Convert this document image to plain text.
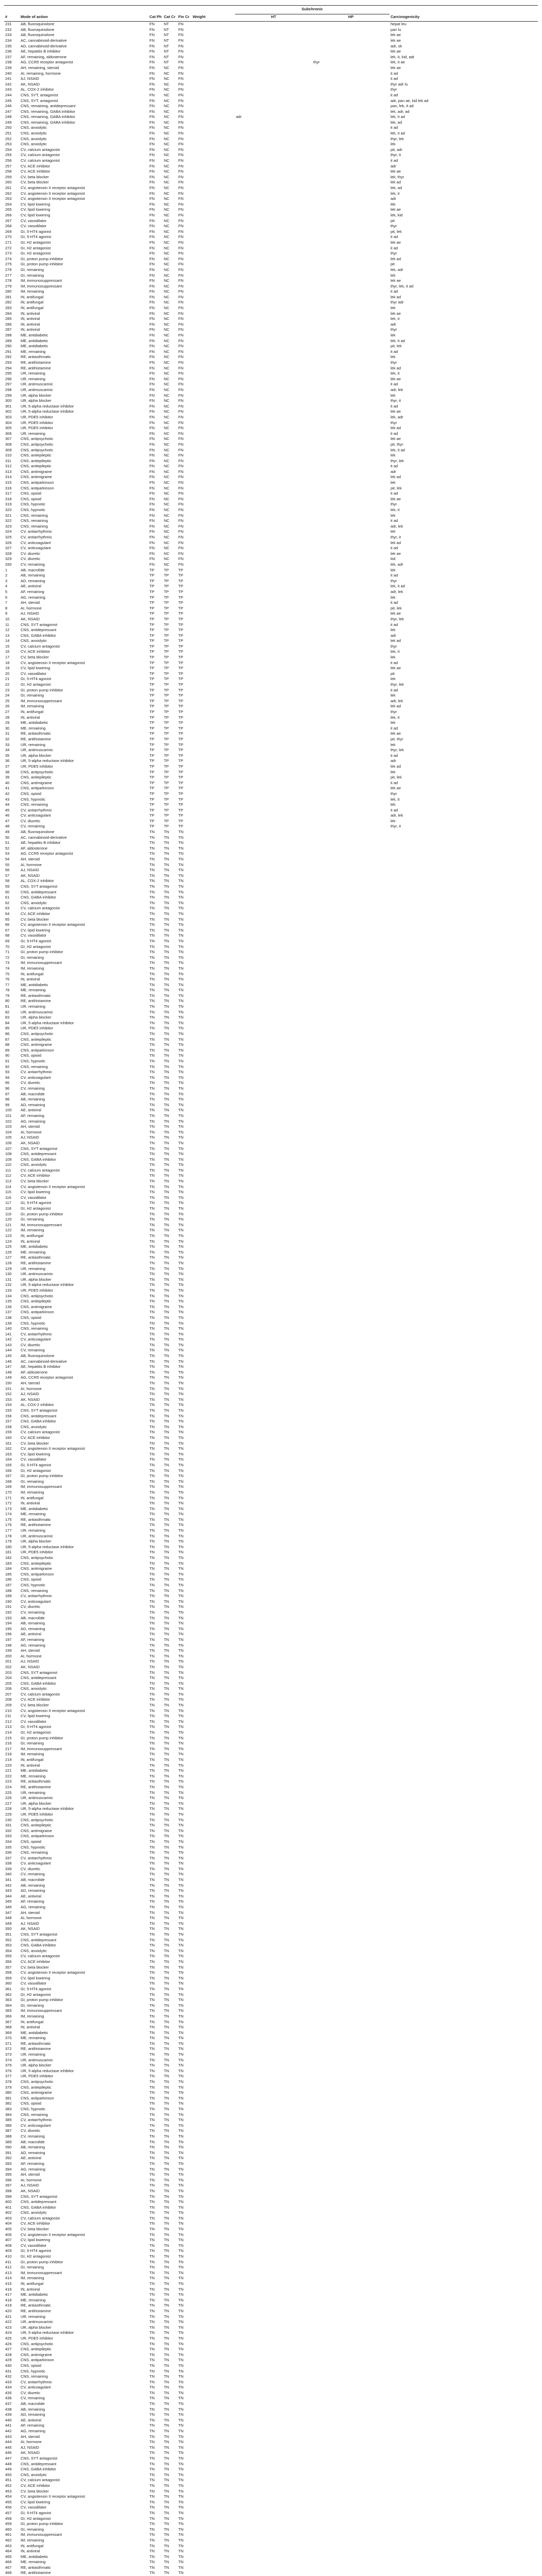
#	Mode of action	Cat Ph	Cat Cr	Fin Cr	Weight	Subchronic		Carcinogenicity
						HT	HP	
231	AB, fluoroquinolone	FN	NT	FN				hepat leu
232	AB, fluoroquinolone	FN	NT	FN				pan lu
233	AB, fluoroquinolone	FN	NT	FN				lek ae
234	AC, cannabinoid-derivative	FN	NT	FN				lek ae
235	AD, cannabinoid-derivative	FN	NT	FN				adr, sk
236	AE, hepatitis B inhibitor	FN	NT	FN				lek ae
237	AF, remaining, aldosterone	FN	NT	FN				lek, it, kid, adr
238	AG, CCR5 receptor antagonist	FN	NT	FN			thyr	lek, it ae
239	AH, remaining, steroid	FN	NC	FN				lek ae
240	AI, remaining, hormone	FN	NC	FN				it ad
241	AJ, NSAID	FN	NC	FN				it ad
242	AK, NSAID	FN	NC	FN				thyr adr lu
243	AL, COX-2 inhibitor	FN	NC	FN				thyr
244	CNS, SYT, antagonist	FN	NC	FN				it ad
245	CNS, SYT, antagonist	FN	NC	FN				adr, pan ae, kid lek ad
246	CNS, remaining, antidepressant	FN	NC	FN				pan, lek, it ad
247	CNS, remaining, GABA inhibitor	FN	NC	FN				lek, adr, ad
248	CNS, remaining, GABA inhibitor	FN	NC	FN		adr		lek, it ad
249	CNS, remaining, GABA inhibitor	FN	NC	FN				lek, ad
250	CNS, anxiolytic	FN	NC	FN				it ad
251	CNS, anxiolytic	FN	NC	FN				lek, it ad
252	CNS, anxiolytic	FN	NC	FN				thyr, lek
253	CNS, anxiolytic	FN	NC	FN				lek
254	CV, calcium antagonist	FN	NC	FN				pit, adr
255	CV, calcium antagonist	FN	NC	FN				thyr, it
256	CV, calcium antagonist	FN	NC	FN				it ad
257	CV, ACE inhibitor	FN	NC	FN				adr
258	CV, ACE inhibitor	FN	NC	FN				lek ae
259	CV, beta blocker	FN	NC	FN				lek, thyr
260	CV, beta blocker	FN	NC	FN				lek ad
261	CV, angiotensin II receptor antagonist	FN	NC	FN				lek, ad
262	CV, angiotensin II receptor antagonist	FN	NC	FN				lek, it
263	CV, angiotensin II receptor antagonist	FN	NC	FN				adr
264	CV, lipid lowering	FN	NC	FN				lek
265	CV, lipid lowering	FN	NC	FN				lek ae
266	CV, lipid lowering	FN	NC	FN				lek, kid
267	CV, vasodilator	FN	NC	FN				pit
268	CV, vasodilator	FN	NC	FN				thyr
269	GI, 5-HT4 agonist	FN	NC	FN				pit, lek
270	GI, 5-HT4 agonist	FN	NC	FN				it ad
271	GI, H2 antagonist	FN	NC	FN				lek ae
272	GI, H2 antagonist	FN	NC	FN				it ad
273	GI, H2 antagonist	FN	NC	FN				thyr
274	GI, proton pump inhibitor	FN	NC	FN				lek ad
275	GI, proton pump inhibitor	FN	NC	FN				pit
276	GI, remaining	FN	NC	FN				lek, adr
277	GI, remaining	FN	NC	FN				lek
278	IM, immunosuppressant	FN	NC	FN				lek ae
279	IM, immunosuppressant	FN	NC	FN				thyr, lek, it ad
280	IM, remaining	FN	NC	FN				it ad
281	IN, antifungal	FN	NC	FN				lek ad
282	IN, antifungal	FN	NC	FN				thyr adr
283	IN, antifungal	FN	NC	FN				lek
284	IN, antiviral	FN	NC	FN				lek ae
285	IN, antiviral	FN	NC	FN				lek, it
286	IN, antiviral	FN	NC	FN				adr
287	IN, antiviral	FN	NC	FN				thyr
288	ME, antidiabetic	FN	NC	FN				lek
289	ME, antidiabetic	FN	NC	FN				lek, it ad
290	ME, antidiabetic	FN	NC	FN				pit, lek
291	ME, remaining	FN	NC	FN				it ad
292	RE, antiasthmatic	FN	NC	FN				lek
293	RE, antihistamine	FN	NC	FN				thyr
294	RE, antihistamine	FN	NC	FN				lek ad
295	UR, remaining	FN	NC	FN				lek, it
296	UR, remaining	FN	NC	FN				lek ae
297	UR, antimuscarinic	FN	NC	FN				it ad
298	UR, antimuscarinic	FN	NC	FN				adr, lek
299	UR, alpha blocker	FN	NC	FN				lek
300	UR, alpha blocker	FN	NC	FN				thyr, it
301	UR, 5-alpha reductase inhibitor	FN	NC	FN				it ad
302	UR, 5-alpha reductase inhibitor	FN	NC	FN				lek ae
303	UR, PDE5 inhibitor	FN	NC	FN				lek, adr
304	UR, PDE5 inhibitor	FN	NC	FN				thyr
305	UR, PDE5 inhibitor	FN	NC	FN				lek ad
306	UR, remaining	FN	NC	FN				it ad
307	CNS, antipsychotic	FN	NC	FN				lek ae
308	CNS, antipsychotic	FN	NC	FN				pit, thyr
309	CNS, antipsychotic	FN	NC	FN				lek, it ad
310	CNS, antiepileptic	FN	NC	FN				lek
311	CNS, antiepileptic	FN	NC	FN				thyr, lek
312	CNS, antiepileptic	FN	NC	FN				it ad
313	CNS, antimigraine	FN	NC	FN				adr
314	CNS, antimigraine	FN	NC	FN				lek ad
315	CNS, antiparkinson	FN	NC	FN				lek
316	CNS, antiparkinson	FN	NC	FN				pit, lek
317	CNS, opioid	FN	NC	FN				it ad
318	CNS, opioid	FN	NC	FN				lek ae
319	CNS, hypnotic	FN	NC	FN				thyr
320	CNS, hypnotic	FN	NC	FN				lek, it
321	CNS, remaining	FN	NC	FN				lek
322	CNS, remaining	FN	NC	FN				it ad
323	CNS, remaining	FN	NC	FN				adr, lek
324	CV, antiarrhythmic	FN	NC	FN				lek
325	CV, antiarrhythmic	FN	NC	FN				thyr, it
326	CV, anticoagulant	FN	NC	FN				lek ad
327	CV, anticoagulant	FN	NC	FN				it ad
328	CV, diuretic	FN	NC	FN				lek ae
329	CV, diuretic	FN	NC	FN				kid
330	CV, remaining	FN	NC	FN				lek, adr
1	AB, macrolide	TP	TP	TP				lek
2	AB, remaining	TP	TP	TP				it ad
3	AD, remaining	TP	TP	TP				thyr
4	AE, antiviral	TP	TP	TP				lek, it ad
5	AF, remaining	TP	TP	TP				adr, lek
6	AG, remaining	TP	TP	TP				lek
7	AH, steroid	TP	TP	TP				it ad
8	AI, hormone	TP	TP	TP				pit, lek
9	AJ, NSAID	TP	TP	TP				lek ae
10	AK, NSAID	TP	TP	TP				thyr, lek
11	CNS, SYT antagonist	TP	TP	TP				it ad
12	CNS, antidepressant	TP	TP	TP				lek
13	CNS, GABA inhibitor	TP	TP	TP				adr
14	CNS, anxiolytic	TP	TP	TP				lek ad
15	CV, calcium antagonist	TP	TP	TP				thyr
16	CV, ACE inhibitor	TP	TP	TP				lek, it
17	CV, beta blocker	TP	TP	TP				lek
18	CV, angiotensin II receptor antagonist	TP	TP	TP				it ad
19	CV, lipid lowering	TP	TP	TP				lek ae
20	CV, vasodilator	TP	TP	TP				pit
21	GI, 5-HT4 agonist	TP	TP	TP				lek
22	GI, H2 antagonist	TP	TP	TP				thyr, lek
23	GI, proton pump inhibitor	TP	TP	TP				it ad
24	GI, remaining	TP	TP	TP				lek
25	IM, immunosuppressant	TP	TP	TP				adr, lek
26	IM, remaining	TP	TP	TP				lek ad
27	IN, antifungal	TP	TP	TP				thyr
28	IN, antiviral	TP	TP	TP				lek, it
29	ME, antidiabetic	TP	TP	TP				lek
30	ME, remaining	TP	TP	TP				it ad
31	RE, antiasthmatic	TP	TP	TP				lek ae
32	RE, antihistamine	TP	TP	TP				pit, thyr
33	UR, remaining	TP	TP	TP				lek
34	UR, antimuscarinic	TP	TP	TP				thyr, lek
35	UR, alpha blocker	TP	TP	TP				it ad
36	UR, 5-alpha reductase inhibitor	TP	TP	TP				adr
37	UR, PDE5 inhibitor	TP	TP	TP				lek ad
38	CNS, antipsychotic	TP	TP	TP				lek
39	CNS, antiepileptic	TP	TP	TP				pit, lek
40	CNS, antimigraine	TP	TP	TP				it ad
41	CNS, antiparkinson	TP	TP	TP				lek ae
42	CNS, opioid	TP	TP	TP				thyr
43	CNS, hypnotic	TP	TP	TP				lek, it
44	CNS, remaining	TP	TP	TP				lek
45	CV, antiarrhythmic	TP	TP	TP				it ad
46	CV, anticoagulant	TP	TP	TP				adr, lek
47	CV, diuretic	TP	TP	TP				lek
48	CV, remaining	TP	TP	TP				thyr, it
49	AB, fluoroquinolone	TN	TN	TN				
50	AC, cannabinoid-derivative	TN	TN	TN				
51	AE, hepatitis B inhibitor	TN	TN	TN				
52	AF, aldosterone	TN	TN	TN				
53	AG, CCR5 receptor antagonist	TN	TN	TN				
54	AH, steroid	TN	TN	TN				
55	AI, hormone	TN	TN	TN				
56	AJ, NSAID	TN	TN	TN				
57	AK, NSAID	TN	TN	TN				
58	AL, COX-2 inhibitor	TN	TN	TN				
59	CNS, SYT antagonist	TN	TN	TN				
60	CNS, antidepressant	TN	TN	TN				
61	CNS, GABA inhibitor	TN	TN	TN				
62	CNS, anxiolytic	TN	TN	TN				
63	CV, calcium antagonist	TN	TN	TN				
64	CV, ACE inhibitor	TN	TN	TN				
65	CV, beta blocker	TN	TN	TN				
66	CV, angiotensin II receptor antagonist	TN	TN	TN				
67	CV, lipid lowering	TN	TN	TN				
68	CV, vasodilator	TN	TN	TN				
69	GI, 5-HT4 agonist	TN	TN	TN				
70	GI, H2 antagonist	TN	TN	TN				
71	GI, proton pump inhibitor	TN	TN	TN				
72	GI, remaining	TN	TN	TN				
73	IM, immunosuppressant	TN	TN	TN				
74	IM, remaining	TN	TN	TN				
75	IN, antifungal	TN	TN	TN				
76	IN, antiviral	TN	TN	TN				
77	ME, antidiabetic	TN	TN	TN				
78	ME, remaining	TN	TN	TN				
79	RE, antiasthmatic	TN	TN	TN				
80	RE, antihistamine	TN	TN	TN				
81	UR, remaining	TN	TN	TN				
82	UR, antimuscarinic	TN	TN	TN				
83	UR, alpha blocker	TN	TN	TN				
84	UR, 5-alpha reductase inhibitor	TN	TN	TN				
85	UR, PDE5 inhibitor	TN	TN	TN				
86	CNS, antipsychotic	TN	TN	TN				
87	CNS, antiepileptic	TN	TN	TN				
88	CNS, antimigraine	TN	TN	TN				
89	CNS, antiparkinson	TN	TN	TN				
90	CNS, opioid	TN	TN	TN				
91	CNS, hypnotic	TN	TN	TN				
92	CNS, remaining	TN	TN	TN				
93	CV, antiarrhythmic	TN	TN	TN				
94	CV, anticoagulant	TN	TN	TN				
95	CV, diuretic	TN	TN	TN				
96	CV, remaining	TN	TN	TN				
97	AB, macrolide	TN	TN	TN				
98	AB, remaining	TN	TN	TN				
99	AD, remaining	TN	TN	TN				
100	AE, antiviral	TN	TN	TN				
101	AF, remaining	TN	TN	TN				
102	AG, remaining	TN	TN	TN				
103	AH, steroid	TN	TN	TN				
104	AI, hormone	TN	TN	TN				
105	AJ, NSAID	TN	TN	TN				
106	AK, NSAID	TN	TN	TN				
107	CNS, SYT antagonist	TN	TN	TN				
108	CNS, antidepressant	TN	TN	TN				
109	CNS, GABA inhibitor	TN	TN	TN				
110	CNS, anxiolytic	TN	TN	TN				
111	CV, calcium antagonist	TN	TN	TN				
112	CV, ACE inhibitor	TN	TN	TN				
113	CV, beta blocker	TN	TN	TN				
114	CV, angiotensin II receptor antagonist	TN	TN	TN				
115	CV, lipid lowering	TN	TN	TN				
116	CV, vasodilator	TN	TN	TN				
117	GI, 5-HT4 agonist	TN	TN	TN				
118	GI, H2 antagonist	TN	TN	TN				
119	GI, proton pump inhibitor	TN	TN	TN				
120	GI, remaining	TN	TN	TN				
121	IM, immunosuppressant	TN	TN	TN				
122	IM, remaining	TN	TN	TN				
123	IN, antifungal	TN	TN	TN				
124	IN, antiviral	TN	TN	TN				
125	ME, antidiabetic	TN	TN	TN				
126	ME, remaining	TN	TN	TN				
127	RE, antiasthmatic	TN	TN	TN				
128	RE, antihistamine	TN	TN	TN				
129	UR, remaining	TN	TN	TN				
130	UR, antimuscarinic	TN	TN	TN				
131	UR, alpha blocker	TN	TN	TN				
132	UR, 5-alpha reductase inhibitor	TN	TN	TN				
133	UR, PDE5 inhibitor	TN	TN	TN				
134	CNS, antipsychotic	TN	TN	TN				
135	CNS, antiepileptic	TN	TN	TN				
136	CNS, antimigraine	TN	TN	TN				
137	CNS, antiparkinson	TN	TN	TN				
138	CNS, opioid	TN	TN	TN				
139	CNS, hypnotic	TN	TN	TN				
140	CNS, remaining	TN	TN	TN				
141	CV, antiarrhythmic	TN	TN	TN				
142	CV, anticoagulant	TN	TN	TN				
143	CV, diuretic	TN	TN	TN				
144	CV, remaining	TN	TN	TN				
145	AB, fluoroquinolone	TN	TN	TN				
146	AC, cannabinoid-derivative	TN	TN	TN				
147	AE, hepatitis B inhibitor	TN	TN	TN				
148	AF, aldosterone	TN	TN	TN				
149	AG, CCR5 receptor antagonist	TN	TN	TN				
150	AH, steroid	TN	TN	TN				
151	AI, hormone	TN	TN	TN				
152	AJ, NSAID	TN	TN	TN				
153	AK, NSAID	TN	TN	TN				
154	AL, COX-2 inhibitor	TN	TN	TN				
155	CNS, SYT antagonist	TN	TN	TN				
156	CNS, antidepressant	TN	TN	TN				
157	CNS, GABA inhibitor	TN	TN	TN				
158	CNS, anxiolytic	TN	TN	TN				
159	CV, calcium antagonist	TN	TN	TN				
160	CV, ACE inhibitor	TN	TN	TN				
161	CV, beta blocker	TN	TN	TN				
162	CV, angiotensin II receptor antagonist	TN	TN	TN				
163	CV, lipid lowering	TN	TN	TN				
164	CV, vasodilator	TN	TN	TN				
165	GI, 5-HT4 agonist	TN	TN	TN				
166	GI, H2 antagonist	TN	TN	TN				
167	GI, proton pump inhibitor	TN	TN	TN				
168	GI, remaining	TN	TN	TN				
169	IM, immunosuppressant	TN	TN	TN				
170	IM, remaining	TN	TN	TN				
171	IN, antifungal	TN	TN	TN				
172	IN, antiviral	TN	TN	TN				
173	ME, antidiabetic	TN	TN	TN				
174	ME, remaining	TN	TN	TN				
175	RE, antiasthmatic	TN	TN	TN				
176	RE, antihistamine	TN	TN	TN				
177	UR, remaining	TN	TN	TN				
178	UR, antimuscarinic	TN	TN	TN				
179	UR, alpha blocker	TN	TN	TN				
180	UR, 5-alpha reductase inhibitor	TN	TN	TN				
181	UR, PDE5 inhibitor	TN	TN	TN				
182	CNS, antipsychotic	TN	TN	TN				
183	CNS, antiepileptic	TN	TN	TN				
184	CNS, antimigraine	TN	TN	TN				
185	CNS, antiparkinson	TN	TN	TN				
186	CNS, opioid	TN	TN	TN				
187	CNS, hypnotic	TN	TN	TN				
188	CNS, remaining	TN	TN	TN				
189	CV, antiarrhythmic	TN	TN	TN				
190	CV, anticoagulant	TN	TN	TN				
191	CV, diuretic	TN	TN	TN				
192	CV, remaining	TN	TN	TN				
193	AB, macrolide	TN	TN	TN				
194	AB, remaining	TN	TN	TN				
195	AD, remaining	TN	TN	TN				
196	AE, antiviral	TN	TN	TN				
197	AF, remaining	TN	TN	TN				
198	AG, remaining	TN	TN	TN				
199	AH, steroid	TN	TN	TN				
200	AI, hormone	TN	TN	TN				
201	AJ, NSAID	TN	TN	TN				
202	AK, NSAID	TN	TN	TN				
203	CNS, SYT antagonist	TN	TN	TN				
204	CNS, antidepressant	TN	TN	TN				
205	CNS, GABA inhibitor	TN	TN	TN				
206	CNS, anxiolytic	TN	TN	TN				
207	CV, calcium antagonist	TN	TN	TN				
208	CV, ACE inhibitor	TN	TN	TN				
209	CV, beta blocker	TN	TN	TN				
210	CV, angiotensin II receptor antagonist	TN	TN	TN				
211	CV, lipid lowering	TN	TN	TN				
212	CV, vasodilator	TN	TN	TN				
213	GI, 5-HT4 agonist	TN	TN	TN				
214	GI, H2 antagonist	TN	TN	TN				
215	GI, proton pump inhibitor	TN	TN	TN				
216	GI, remaining	TN	TN	TN				
217	IM, immunosuppressant	TN	TN	TN				
218	IM, remaining	TN	TN	TN				
219	IN, antifungal	TN	TN	TN				
220	IN, antiviral	TN	TN	TN				
221	ME, antidiabetic	TN	TN	TN				
222	ME, remaining	TN	TN	TN				
223	RE, antiasthmatic	TN	TN	TN				
224	RE, antihistamine	TN	TN	TN				
225	UR, remaining	TN	TN	TN				
226	UR, antimuscarinic	TN	TN	TN				
227	UR, alpha blocker	TN	TN	TN				
228	UR, 5-alpha reductase inhibitor	TN	TN	TN				
229	UR, PDE5 inhibitor	TN	TN	TN				
230	CNS, antipsychotic	TN	TN	TN				
331	CNS, antiepileptic	TN	TN	TN				
332	CNS, antimigraine	TN	TN	TN				
333	CNS, antiparkinson	TN	TN	TN				
334	CNS, opioid	TN	TN	TN				
335	CNS, hypnotic	TN	TN	TN				
336	CNS, remaining	TN	TN	TN				
337	CV, antiarrhythmic	TN	TN	TN				
338	CV, anticoagulant	TN	TN	TN				
339	CV, diuretic	TN	TN	TN				
340	CV, remaining	TN	TN	TN				
341	AB, macrolide	TN	TN	TN				
342	AB, remaining	TN	TN	TN				
343	AD, remaining	TN	TN	TN				
344	AE, antiviral	TN	TN	TN				
345	AF, remaining	TN	TN	TN				
346	AG, remaining	TN	TN	TN				
347	AH, steroid	TN	TN	TN				
348	AI, hormone	TN	TN	TN				
349	AJ, NSAID	TN	TN	TN				
350	AK, NSAID	TN	TN	TN				
351	CNS, SYT antagonist	TN	TN	TN				
352	CNS, antidepressant	TN	TN	TN				
353	CNS, GABA inhibitor	TN	TN	TN				
354	CNS, anxiolytic	TN	TN	TN				
355	CV, calcium antagonist	TN	TN	TN				
356	CV, ACE inhibitor	TN	TN	TN				
357	CV, beta blocker	TN	TN	TN				
358	CV, angiotensin II receptor antagonist	TN	TN	TN				
359	CV, lipid lowering	TN	TN	TN				
360	CV, vasodilator	TN	TN	TN				
361	GI, 5-HT4 agonist	TN	TN	TN				
362	GI, H2 antagonist	TN	TN	TN				
363	GI, proton pump inhibitor	TN	TN	TN				
364	GI, remaining	TN	TN	TN				
365	IM, immunosuppressant	TN	TN	TN				
366	IM, remaining	TN	TN	TN				
367	IN, antifungal	TN	TN	TN				
368	IN, antiviral	TN	TN	TN				
369	ME, antidiabetic	TN	TN	TN				
370	ME, remaining	TN	TN	TN				
371	RE, antiasthmatic	TN	TN	TN				
372	RE, antihistamine	TN	TN	TN				
373	UR, remaining	TN	TN	TN				
374	UR, antimuscarinic	TN	TN	TN				
375	UR, alpha blocker	TN	TN	TN				
376	UR, 5-alpha reductase inhibitor	TN	TN	TN				
377	UR, PDE5 inhibitor	TN	TN	TN				
378	CNS, antipsychotic	TN	TN	TN				
379	CNS, antiepileptic	TN	TN	TN				
380	CNS, antimigraine	TN	TN	TN				
381	CNS, antiparkinson	TN	TN	TN				
382	CNS, opioid	TN	TN	TN				
383	CNS, hypnotic	TN	TN	TN				
384	CNS, remaining	TN	TN	TN				
385	CV, antiarrhythmic	TN	TN	TN				
386	CV, anticoagulant	TN	TN	TN				
387	CV, diuretic	TN	TN	TN				
388	CV, remaining	TN	TN	TN				
389	AB, macrolide	TN	TN	TN				
390	AB, remaining	TN	TN	TN				
391	AD, remaining	TN	TN	TN				
392	AE, antiviral	TN	TN	TN				
393	AF, remaining	TN	TN	TN				
394	AG, remaining	TN	TN	TN				
395	AH, steroid	TN	TN	TN				
396	AI, hormone	TN	TN	TN				
397	AJ, NSAID	TN	TN	TN				
398	AK, NSAID	TN	TN	TN				
399	CNS, SYT antagonist	TN	TN	TN				
400	CNS, antidepressant	TN	TN	TN				
401	CNS, GABA inhibitor	TN	TN	TN				
402	CNS, anxiolytic	TN	TN	TN				
403	CV, calcium antagonist	TN	TN	TN				
404	CV, ACE inhibitor	TN	TN	TN				
405	CV, beta blocker	TN	TN	TN				
406	CV, angiotensin II receptor antagonist	TN	TN	TN				
407	CV, lipid lowering	TN	TN	TN				
408	CV, vasodilator	TN	TN	TN				
409	GI, 5-HT4 agonist	TN	TN	TN				
410	GI, H2 antagonist	TN	TN	TN				
411	GI, proton pump inhibitor	TN	TN	TN				
412	GI, remaining	TN	TN	TN				
413	IM, immunosuppressant	TN	TN	TN				
414	IM, remaining	TN	TN	TN				
415	IN, antifungal	TN	TN	TN				
416	IN, antiviral	TN	TN	TN				
417	ME, antidiabetic	TN	TN	TN				
418	ME, remaining	TN	TN	TN				
419	RE, antiasthmatic	TN	TN	TN				
420	RE, antihistamine	TN	TN	TN				
421	UR, remaining	TN	TN	TN				
422	UR, antimuscarinic	TN	TN	TN				
423	UR, alpha blocker	TN	TN	TN				
424	UR, 5-alpha reductase inhibitor	TN	TN	TN				
425	UR, PDE5 inhibitor	TN	TN	TN				
426	CNS, antipsychotic	TN	TN	TN				
427	CNS, antiepileptic	TN	TN	TN				
428	CNS, antimigraine	TN	TN	TN				
429	CNS, antiparkinson	TN	TN	TN				
430	CNS, opioid	TN	TN	TN				
431	CNS, hypnotic	TN	TN	TN				
432	CNS, remaining	TN	TN	TN				
433	CV, antiarrhythmic	TN	TN	TN				
434	CV, anticoagulant	TN	TN	TN				
435	CV, diuretic	TN	TN	TN				
436	CV, remaining	TN	TN	TN				
437	AB, macrolide	TN	TN	TN				
438	AB, remaining	TN	TN	TN				
439	AD, remaining	TN	TN	TN				
440	AE, antiviral	TN	TN	TN				
441	AF, remaining	TN	TN	TN				
442	AG, remaining	TN	TN	TN				
443	AH, steroid	TN	TN	TN				
444	AI, hormone	TN	TN	TN				
445	AJ, NSAID	TN	TN	TN				
446	AK, NSAID	TN	TN	TN				
447	CNS, SYT antagonist	TN	TN	TN				
448	CNS, antidepressant	TN	TN	TN				
449	CNS, GABA inhibitor	TN	TN	TN				
450	CNS, anxiolytic	TN	TN	TN				
451	CV, calcium antagonist	TN	TN	TN				
452	CV, ACE inhibitor	TN	TN	TN				
453	CV, beta blocker	TN	TN	TN				
454	CV, angiotensin II receptor antagonist	TN	TN	TN				
455	CV, lipid lowering	TN	TN	TN				
456	CV, vasodilator	TN	TN	TN				
457	GI, 5-HT4 agonist	TN	TN	TN				
458	GI, H2 antagonist	TN	TN	TN				
459	GI, proton pump inhibitor	TN	TN	TN				
460	GI, remaining	TN	TN	TN				
461	IM, immunosuppressant	TN	TN	TN				
462	IM, remaining	TN	TN	TN				
463	IN, antifungal	TN	TN	TN				
464	IN, antiviral	TN	TN	TN				
465	ME, antidiabetic	TN	TN	TN				
466	ME, remaining	TN	TN	TN				
467	RE, antiasthmatic	TN	TN	TN				
468	RE, antihistamine	TN	TN	TN				
